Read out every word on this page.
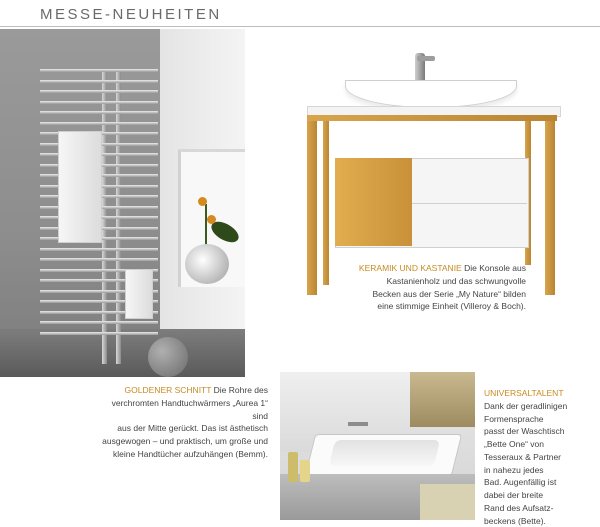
MESSE-NEUHEITEN
GOLDENER SCHNITT Die Rohre des
verchromten Handtuchwärmers „Aurea 1“ sind
aus der Mitte gerückt. Das ist ästhetisch
ausgewogen – und praktisch, um große und
kleine Handtücher aufzuhängen (Bemm).
KERAMIK UND KASTANIE Die Konsole aus
Kastanienholz und das schwungvolle
Becken aus der Serie „My Nature“ bilden
eine stimmige Einheit (Villeroy & Boch).
UNIVERSALTALENT
Dank der geradlinigen
Formensprache
passt der Waschtisch
„Bette One“ von
Tesseraux & Partner
in nahezu jedes
Bad. Augenfällig ist
dabei der breite
Rand des Aufsatz-
beckens (Bette).
